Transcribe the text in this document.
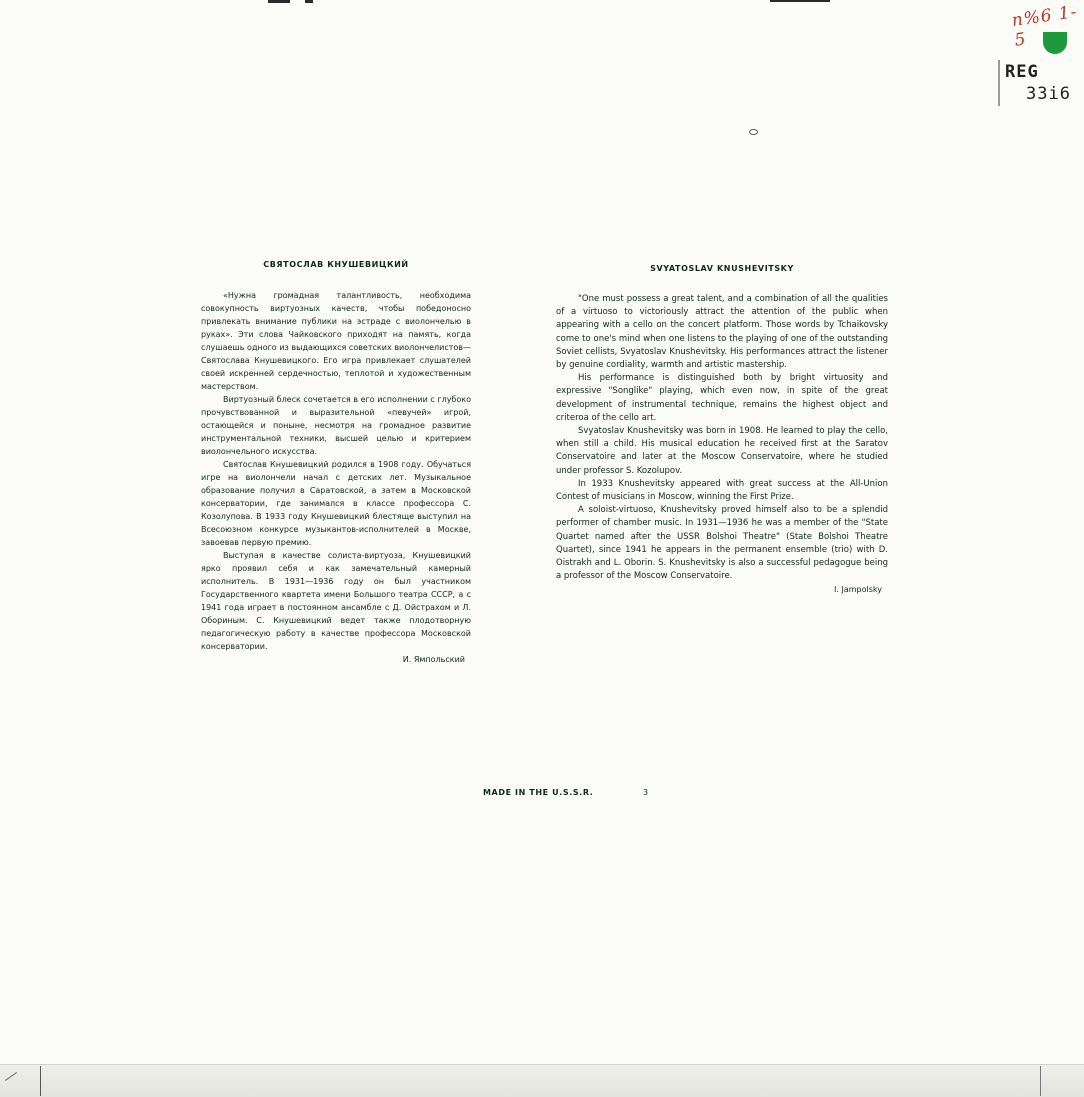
п%6 1-5
REG
33i6
СВЯТОСЛАВ КНУШЕВИЦКИЙ

«Нужна громадная талантливость, необходима совокупность виртуозных качеств, чтобы победоносно привлекать внимание публики на эстраде с виолончелью в руках». Эти слова Чайковского приходят на память, когда слушаешь одного из выдающихся советских виолончелистов—Святослава Кнушевицкого. Его игра привлекает слушателей своей искренней сердечностью, теплотой и художественным мастерством.

Виртуозный блеск сочетается в его исполнении с глубоко прочувствованной и выразительной «певучей» игрой, остающейся и поныне, несмотря на громадное развитие инструментальной техники, высшей целью и критерием виолончельного искусства.

Святослав Кнушевицкий родился в 1908 году. Обучаться игре на виолончели начал с детских лет. Музыкальное образование получил в Саратовской, а затем в Московской консерватории, где занимался в классе профессора С. Козолупова. В 1933 году Кнушевицкий блестяще выступил на Всесоюзном конкурсе музыкантов-исполнителей в Москве, завоевав первую премию.

Выступая в качестве солиста-виртуоза, Кнушевицкий ярко проявил себя и как замечательный камерный исполнитель. В 1931—1936 году он был участником Государственного квартета имени Большого театра СССР, а с 1941 года играет в постоянном ансамбле с Д. Ойстрахом и Л. Обориным. С. Кнушевицкий ведет также плодотворную педагогическую работу в качестве профессора Московской консерватории.

И. Ямпольский

SVYATOSLAV KNUSHEVITSKY

"One must possess a great talent, and a combination of all the qualities of a virtuoso to victoriously attract the attention of the public when appearing with a cello on the concert platform. Those words by Tchaikovsky come to one's mind when one listens to the playing of one of the outstanding Soviet cellists, Svyatoslav Knushevitsky. His performances attract the listener by genuine cordiality, warmth and artistic mastership.

His performance is distinguished both by bright virtuosity and expressive "Songlike" playing, which even now, in spite of the great development of instrumental technique, remains the highest object and criteroa of the cello art.

Svyatoslav Knushevitsky was born in 1908. He learned to play the cello, when still a child. His musical education he received first at the Saratov Conservatoire and later at the Moscow Conservatoire, where he studied under professor S. Kozolupov.

In 1933 Knushevitsky appeared with great success at the All-Union Contest of musicians in Moscow, winning the First Prize.

A soloist-virtuoso, Knushevitsky proved himself also to be a splendid performer of chamber music. In 1931—1936 he was a member of the "State Quartet named after the USSR Bolshoi Theatre" (State Bolshoi Theatre Quartet), since 1941 he appears in the permanent ensemble (trio) with D. Oistrakh and L. Oborin. S. Knushevitsky is also a successful pedagogue being a professor of the Moscow Conservatoire.

I. Jampolsky

MADE IN THE U.S.S.R.	3
